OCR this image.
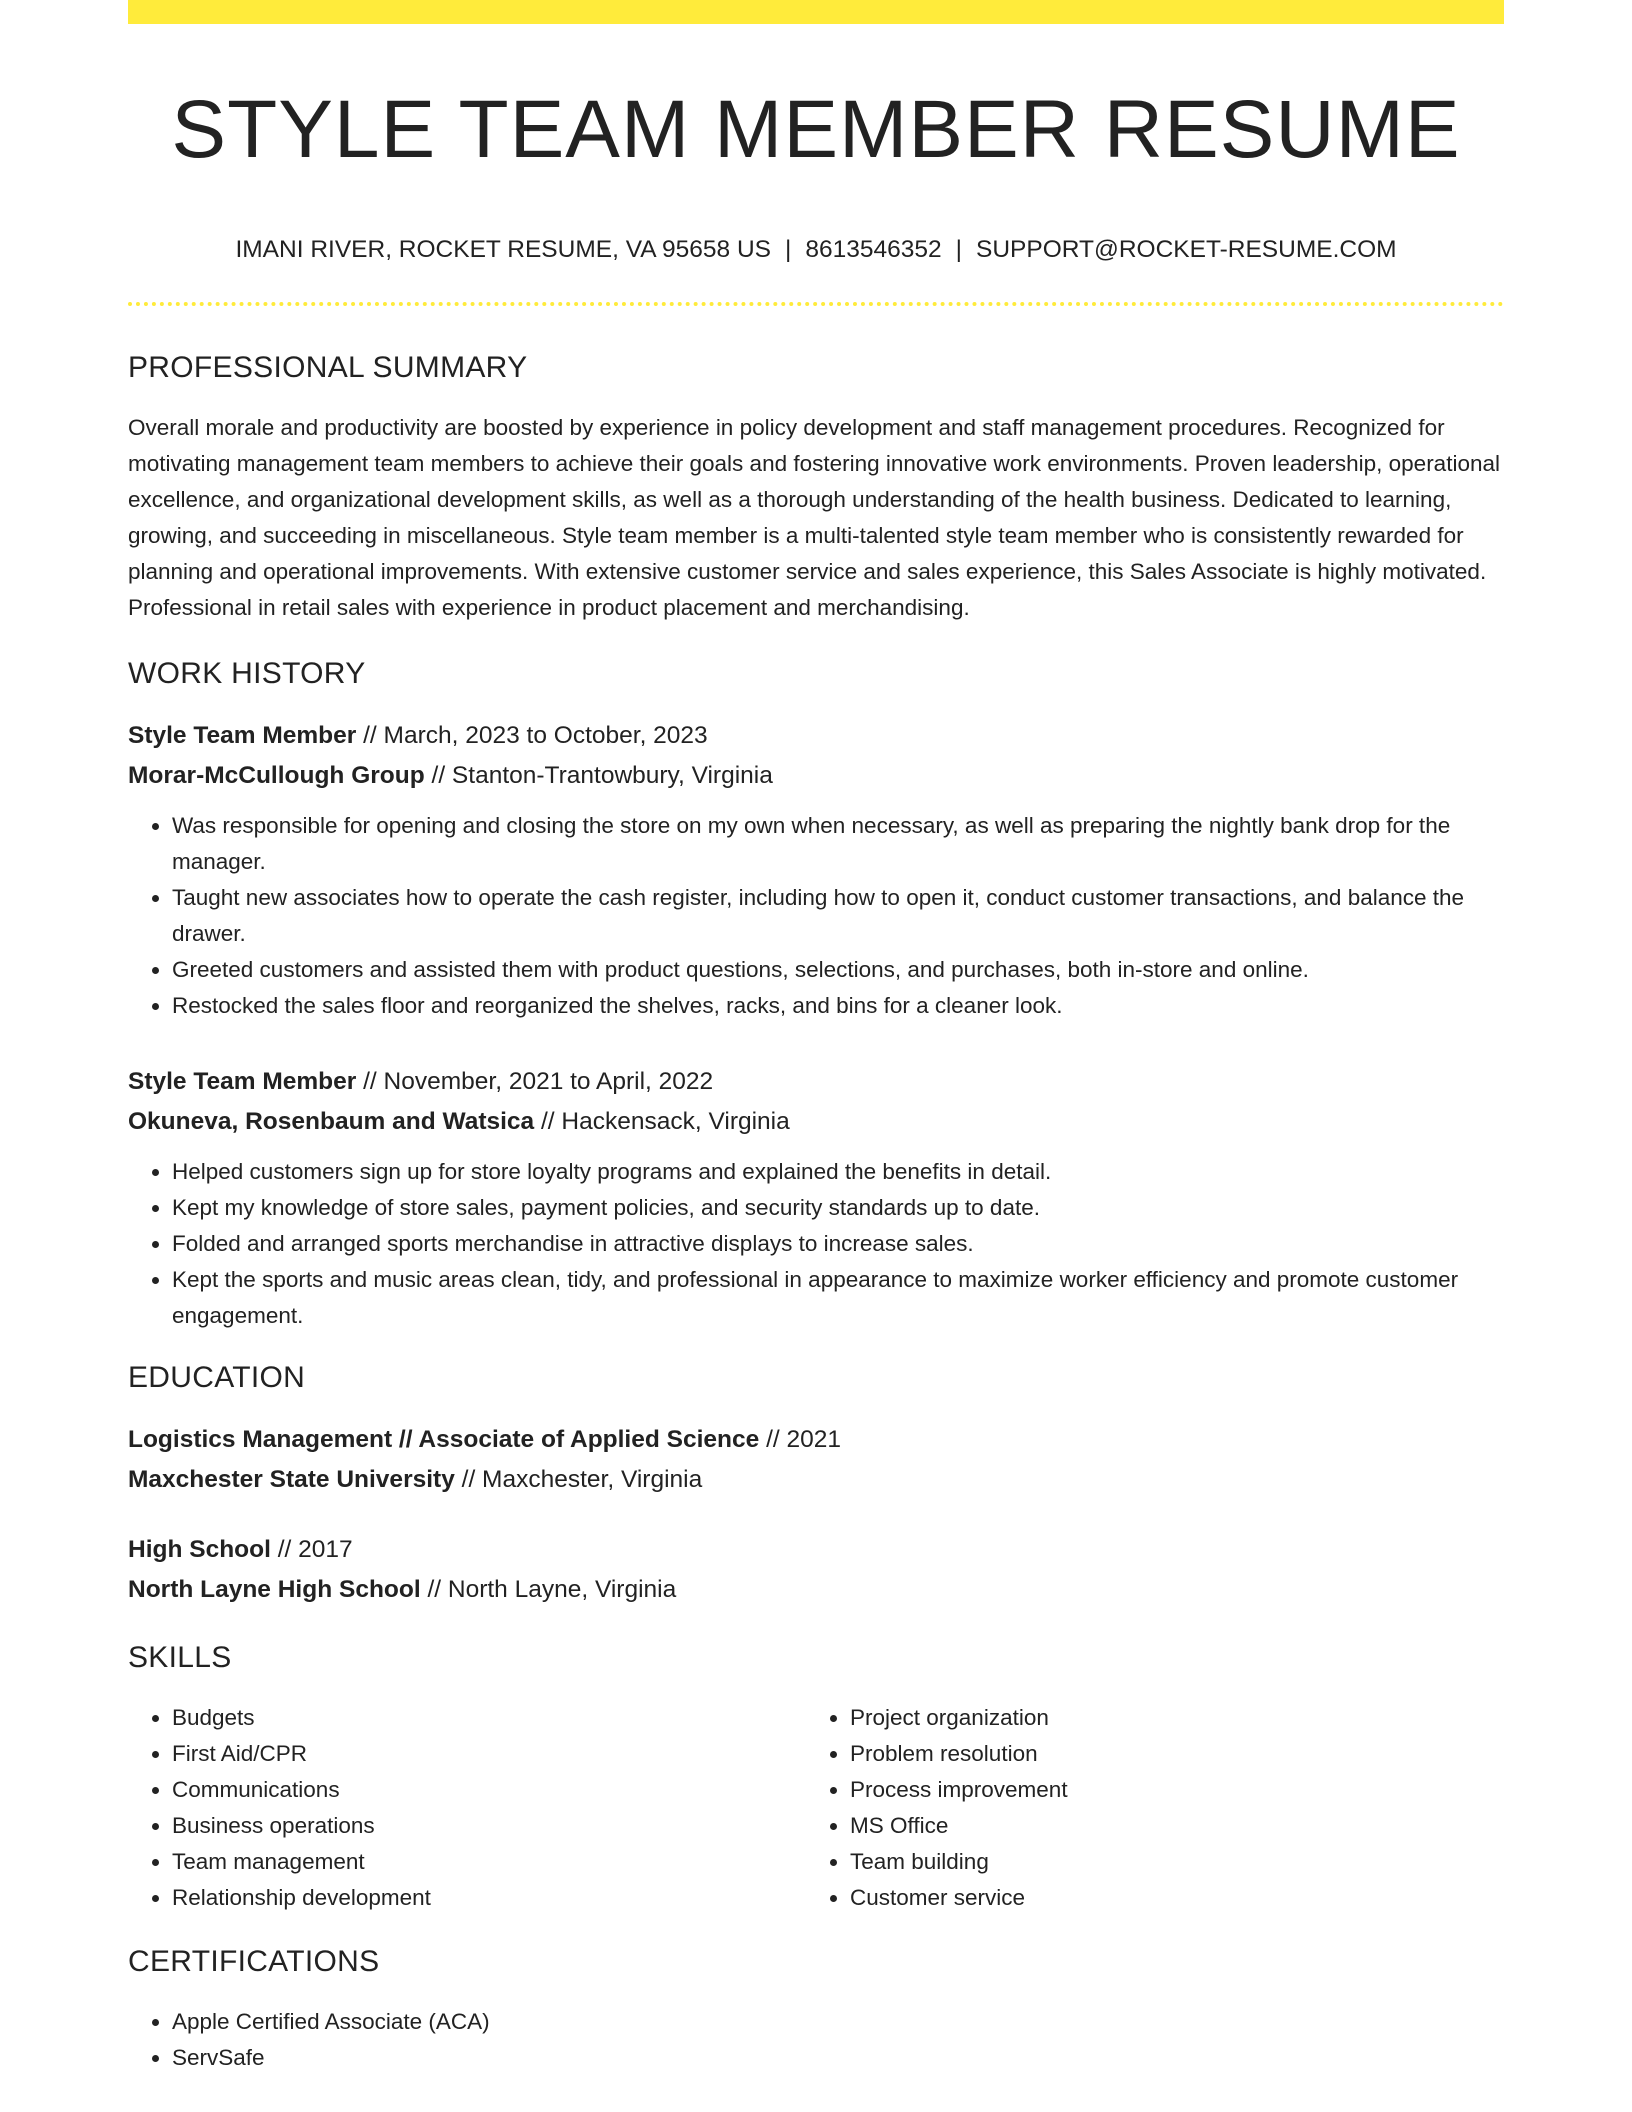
STYLE TEAM MEMBER RESUME
IMANI RIVER, ROCKET RESUME, VA 95658 US | 8613546352 | SUPPORT@ROCKET-RESUME.COM
PROFESSIONAL SUMMARY
Overall morale and productivity are boosted by experience in policy development and staff management procedures. Recognized for motivating management team members to achieve their goals and fostering innovative work environments. Proven leadership, operational excellence, and organizational development skills, as well as a thorough understanding of the health business. Dedicated to learning, growing, and succeeding in miscellaneous. Style team member is a multi-talented style team member who is consistently rewarded for planning and operational improvements. With extensive customer service and sales experience, this Sales Associate is highly motivated. Professional in retail sales with experience in product placement and merchandising.
WORK HISTORY
Style Team Member // March, 2023 to October, 2023
Morar-McCullough Group // Stanton-Trantowbury, Virginia
• Was responsible for opening and closing the store on my own when necessary, as well as preparing the nightly bank drop for the manager.
• Taught new associates how to operate the cash register, including how to open it, conduct customer transactions, and balance the drawer.
• Greeted customers and assisted them with product questions, selections, and purchases, both in-store and online.
• Restocked the sales floor and reorganized the shelves, racks, and bins for a cleaner look.
Style Team Member // November, 2021 to April, 2022
Okuneva, Rosenbaum and Watsica // Hackensack, Virginia
• Helped customers sign up for store loyalty programs and explained the benefits in detail.
• Kept my knowledge of store sales, payment policies, and security standards up to date.
• Folded and arranged sports merchandise in attractive displays to increase sales.
• Kept the sports and music areas clean, tidy, and professional in appearance to maximize worker efficiency and promote customer engagement.
EDUCATION
Logistics Management // Associate of Applied Science // 2021
Maxchester State University // Maxchester, Virginia
High School // 2017
North Layne High School // North Layne, Virginia
SKILLS
• Budgets
• First Aid/CPR
• Communications
• Business operations
• Team management
• Relationship development
• Project organization
• Problem resolution
• Process improvement
• MS Office
• Team building
• Customer service
CERTIFICATIONS
• Apple Certified Associate (ACA)
• ServSafe
